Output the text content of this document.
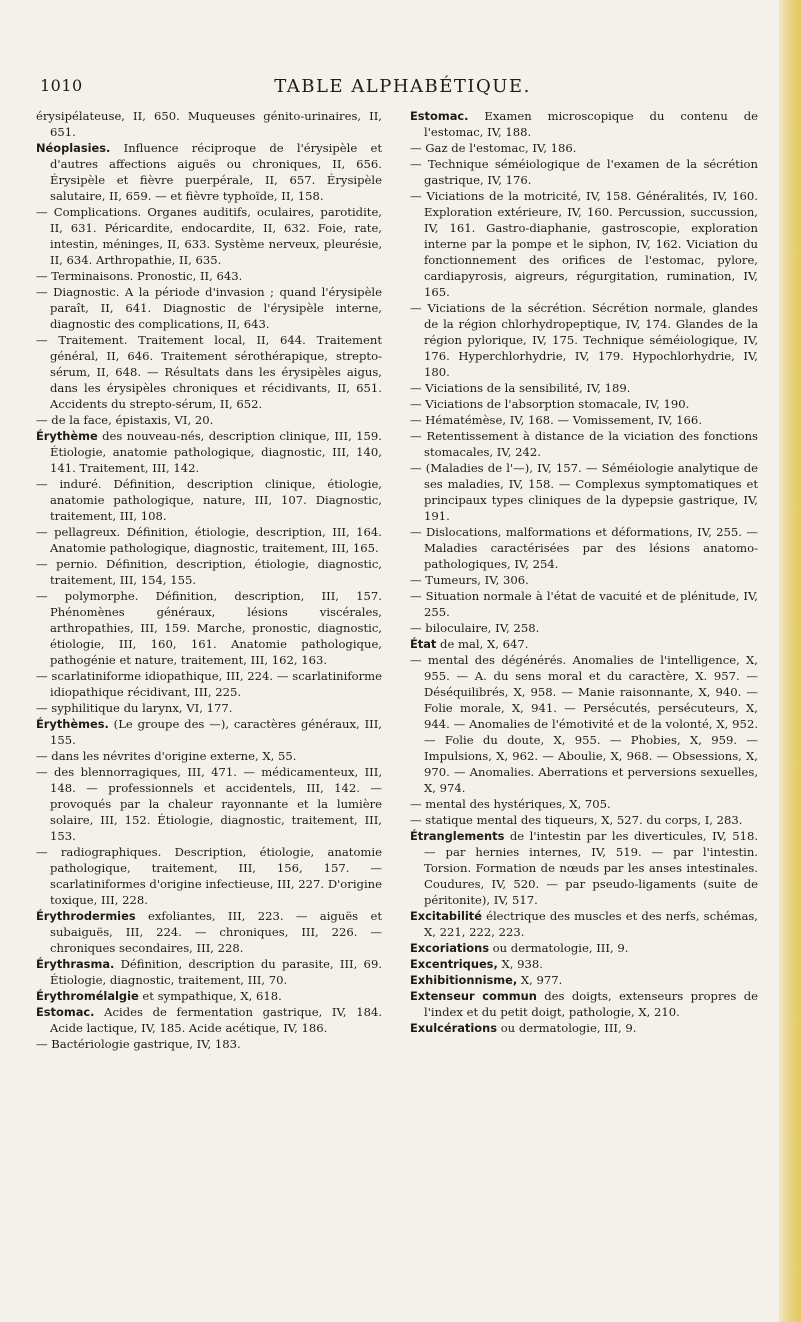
1010	TABLE ALPHABÉTIQUE.

érysipélateuse, II, 650. Muqueuses génito-urinaires, II, 651.

Néoplasies. Influence réciproque de l'érysipèle et d'autres affections aiguës ou chroniques, II, 656. Érysipèle et fièvre puerpérale, II, 657. Érysipèle salutaire, II, 659. — et fièvre typhoïde, II, 158.

— Complications. Organes auditifs, oculaires, parotidite, II, 631. Péricardite, endocardite, II, 632. Foie, rate, intestin, méninges, II, 633. Système nerveux, pleurésie, II, 634. Arthropathie, II, 635.

— Terminaisons. Pronostic, II, 643.

— Diagnostic. A la période d'invasion ; quand l'érysipèle paraît, II, 641. Diagnostic de l'érysipèle interne, diagnostic des complications, II, 643.

— Traitement. Traitement local, II, 644. Traitement général, II, 646. Traitement sérothérapique, strepto-sérum, II, 648. — Résultats dans les érysipèles aigus, dans les érysipèles chroniques et récidivants, II, 651. Accidents du strepto-sérum, II, 652.

— de la face, épistaxis, VI, 20.

Érythème des nouveau-nés, description clinique, III, 159. Étiologie, anatomie pathologique, diagnostic, III, 140, 141. Traitement, III, 142.

— induré. Définition, description clinique, étiologie, anatomie pathologique, nature, III, 107. Diagnostic, traitement, III, 108.

— pellagreux. Définition, étiologie, description, III, 164. Anatomie pathologique, diagnostic, traitement, III, 165.

— pernio. Définition, description, étiologie, diagnostic, traitement, III, 154, 155.

— polymorphe. Définition, description, III, 157. Phénomènes généraux, lésions viscérales, arthropathies, III, 159. Marche, pronostic, diagnostic, étiologie, III, 160, 161. Anatomie pathologique, pathogénie et nature, traitement, III, 162, 163.

— scarlatiniforme idiopathique, III, 224. — scarlatiniforme idiopathique récidivant, III, 225.

— syphilitique du larynx, VI, 177.

Érythèmes. (Le groupe des —), caractères généraux, III, 155.

— dans les névrites d'origine externe, X, 55.

— des blennorragiques, III, 471. — médicamenteux, III, 148. — professionnels et accidentels, III, 142. — provoqués par la chaleur rayonnante et la lumière solaire, III, 152. Étiologie, diagnostic, traitement, III, 153.

— radiographiques. Description, étiologie, anatomie pathologique, traitement, III, 156, 157. — scarlatiniformes d'origine infectieuse, III, 227. D'origine toxique, III, 228.

Érythrodermies exfoliantes, III, 223. — aiguës et subaiguës, III, 224. — chroniques, III, 226. — chroniques secondaires, III, 228.

Érythrasma. Définition, description du parasite, III, 69. Étiologie, diagnostic, traitement, III, 70.

Érythromélalgie et sympathique, X, 618.

Estomac. Acides de fermentation gastrique, IV, 184. Acide lactique, IV, 185. Acide acétique, IV, 186.

— Bactériologie gastrique, IV, 183.

Estomac. Examen microscopique du contenu de l'estomac, IV, 188.

— Gaz de l'estomac, IV, 186.

— Technique séméiologique de l'examen de la sécrétion gastrique, IV, 176.

— Viciations de la motricité, IV, 158. Généralités, IV, 160. Exploration extérieure, IV, 160. Percussion, succussion, IV, 161. Gastro-diaphanie, gastroscopie, exploration interne par la pompe et le siphon, IV, 162. Viciation du fonctionnement des orifices de l'estomac, pylore, cardiapyrosis, aigreurs, régurgitation, rumination, IV, 165.

— Viciations de la sécrétion. Sécrétion normale, glandes de la région chlorhydropeptique, IV, 174. Glandes de la région pylorique, IV, 175. Technique séméiologique, IV, 176. Hyperchlorhydrie, IV, 179. Hypochlorhydrie, IV, 180.

— Viciations de la sensibilité, IV, 189.

— Viciations de l'absorption stomacale, IV, 190.

— Hématémèse, IV, 168. — Vomissement, IV, 166.

— Retentissement à distance de la viciation des fonctions stomacales, IV, 242.

— (Maladies de l'—), IV, 157. — Séméiologie analytique de ses maladies, IV, 158. — Complexus symptomatiques et principaux types cliniques de la dypepsie gastrique, IV, 191.

— Dislocations, malformations et déformations, IV, 255. — Maladies caractérisées par des lésions anatomo-pathologiques, IV, 254.

— Tumeurs, IV, 306.

— Situation normale à l'état de vacuité et de plénitude, IV, 255.

— biloculaire, IV, 258.

État de mal, X, 647.

— mental des dégénérés. Anomalies de l'intelligence, X, 955. — A. du sens moral et du caractère, X. 957. — Déséquilibrés, X, 958. — Manie raisonnante, X, 940. — Folie morale, X, 941. — Persécutés, persécuteurs, X, 944. — Anomalies de l'émotivité et de la volonté, X, 952. — Folie du doute, X, 955. — Phobies, X, 959. — Impulsions, X, 962. — Aboulie, X, 968. — Obsessions, X, 970. — Anomalies. Aberrations et perversions sexuelles, X, 974.

— mental des hystériques, X, 705.

— statique mental des tiqueurs, X, 527. du corps, I, 283.

Étranglements de l'intestin par les diverticules, IV, 518. — par hernies internes, IV, 519. — par l'intestin. Torsion. Formation de nœuds par les anses intestinales. Coudures, IV, 520. — par pseudo-ligaments (suite de péritonite), IV, 517.

Excitabilité électrique des muscles et des nerfs, schémas, X, 221, 222, 223.

Excoriations ou dermatologie, III, 9.

Excentriques, X, 938.

Exhibitionnisme, X, 977.

Extenseur commun des doigts, extenseurs propres de l'index et du petit doigt, pathologie, X, 210.

Exulcérations ou dermatologie, III, 9.
